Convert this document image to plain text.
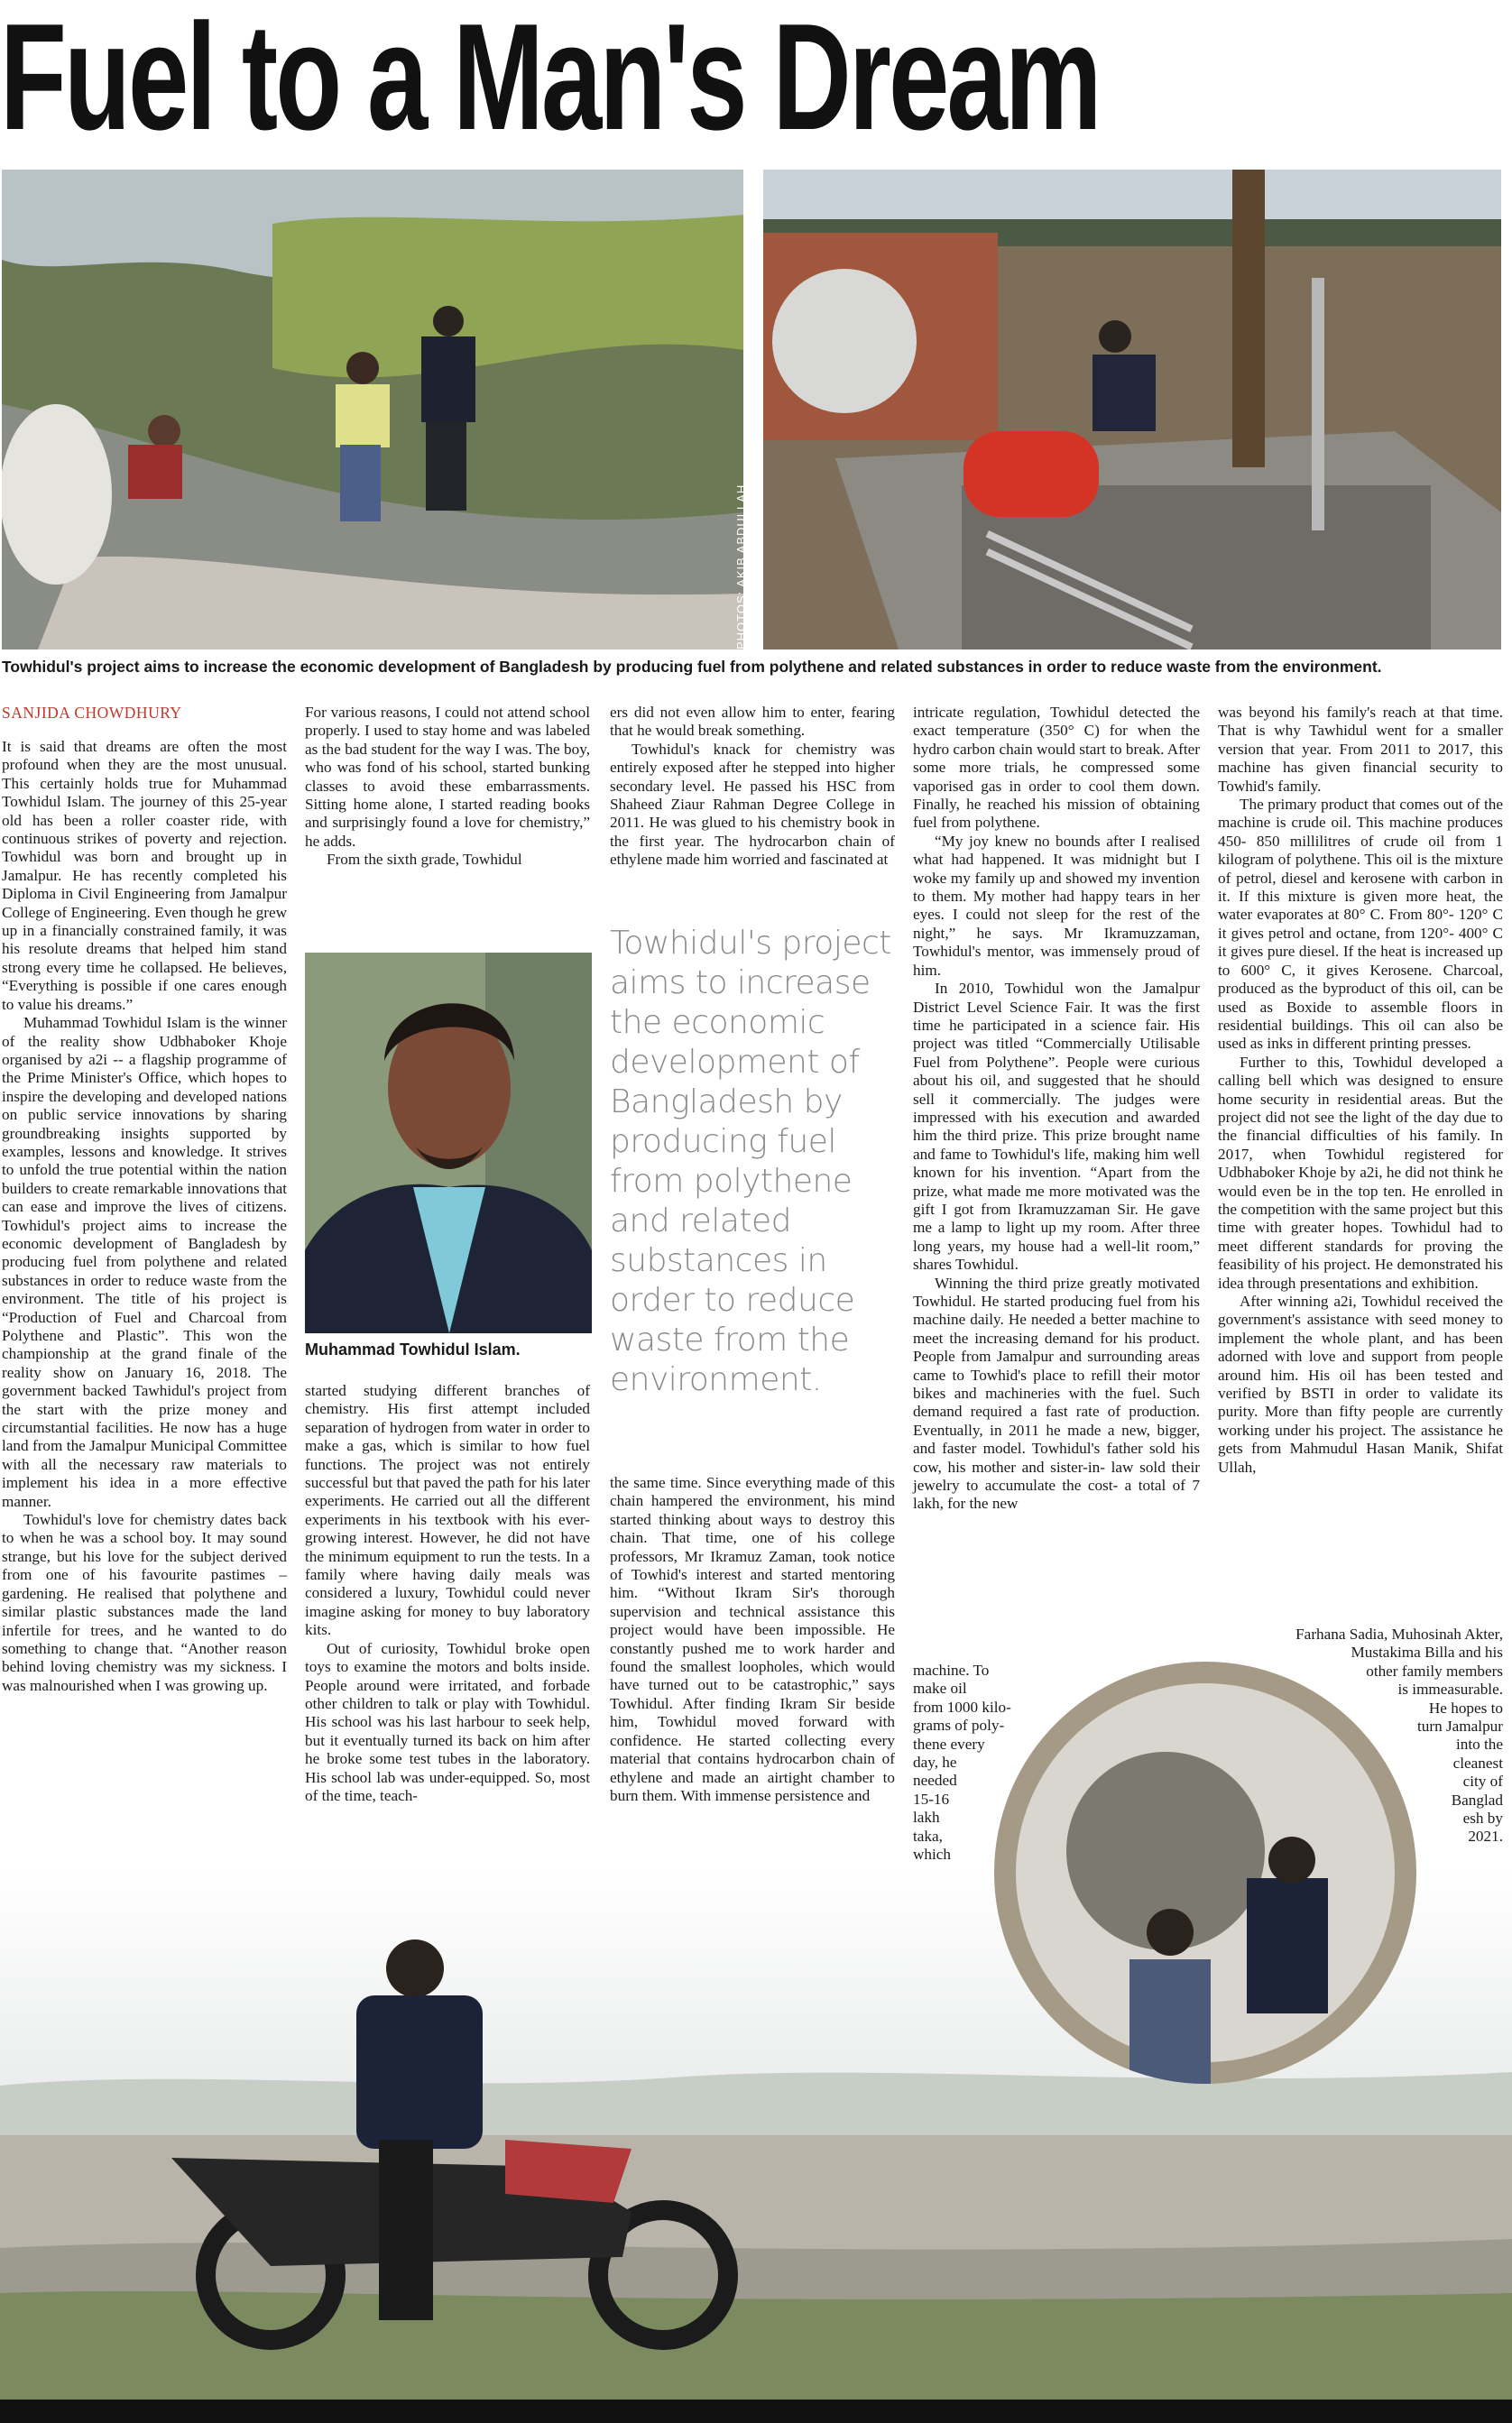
Fuel to a Man's Dream
PHOTOS: AKIB ABDULLAH
Towhidul's project aims to increase the economic development of Bangladesh by producing fuel from polythene and related substances in order to reduce waste from the environment.
SANJIDA CHOWDHURY

It is said that dreams are often the most profound when they are the most unusual. This certainly holds true for Muhammad Towhidul Islam. The journey of this 25-year old has been a roller coaster ride, with continuous strikes of poverty and rejection. Towhidul was born and brought up in Jamalpur. He has recently completed his Diploma in Civil Engineering from Jamalpur College of Engineering. Even though he grew up in a financially constrained family, it was his resolute dreams that helped him stand strong every time he collapsed. He believes, “Everything is possible if one cares enough to value his dreams.”

Muhammad Towhidul Islam is the winner of the reality show Udbhaboker Khoje organised by a2i -- a flagship programme of the Prime Minister's Office, which hopes to inspire the developing and developed nations on public service innovations by sharing groundbreaking insights supported by examples, lessons and knowledge. It strives to unfold the true potential within the nation builders to create remarkable innovations that can ease and improve the lives of citizens. Towhidul's project aims to increase the economic development of Bangladesh by producing fuel from polythene and related substances in order to reduce waste from the environment. The title of his project is “Production of Fuel and Charcoal from Polythene and Plastic”. This won the championship at the grand finale of the reality show on January 16, 2018. The government backed Tawhidul's project from the start with the prize money and circumstantial facilities. He now has a huge land from the Jamalpur Municipal Committee with all the necessary raw materials to implement his idea in a more effective manner.

Towhidul's love for chemistry dates back to when he was a school boy. It may sound strange, but his love for the subject derived from one of his favourite pastimes – gardening. He realised that polythene and similar plastic substances made the land infertile for trees, and he wanted to do something to change that. “Another reason behind loving chemistry was my sickness. I was malnourished when I was growing up.

For various reasons, I could not attend school properly. I used to stay home and was labeled as the bad student for the way I was. The boy, who was fond of his school, started bunking classes to avoid these embarrassments. Sitting home alone, I started reading books and surprisingly found a love for chemistry,” he adds.

From the sixth grade, Towhidul

Muhammad Towhidul Islam.

started studying different branches of chemistry. His first attempt included separation of hydrogen from water in order to make a gas, which is similar to how fuel functions. The project was not entirely successful but that paved the path for his later experiments. He carried out all the different experiments in his textbook with his ever-growing interest. However, he did not have the minimum equipment to run the tests. In a family where having daily meals was considered a luxury, Towhidul could never imagine asking for money to buy laboratory kits.

Out of curiosity, Towhidul broke open toys to examine the motors and bolts inside. People around were irritated, and forbade other children to talk or play with Towhidul. His school was his last harbour to seek help, but it eventually turned its back on him after he broke some test tubes in the laboratory. His school lab was under-equipped. So, most of the time, teach-

ers did not even allow him to enter, fearing that he would break something.

Towhidul's knack for chemistry was entirely exposed after he stepped into higher secondary level. He passed his HSC from Shaheed Ziaur Rahman Degree College in 2011. He was glued to his chemistry book in the first year. The hydrocarbon chain of ethylene made him worried and fascinated at

Towhidul's project aims to increase the economic development of Bangladesh by producing fuel from polythene and related substances in order to reduce waste from the environment.

the same time. Since everything made of this chain hampered the environment, his mind started thinking about ways to destroy this chain. That time, one of his college professors, Mr Ikramuz Zaman, took notice of Towhid's interest and started mentoring him. “Without Ikram Sir's thorough supervision and technical assistance this project would have been impossible. He constantly pushed me to work harder and found the smallest loopholes, which would have turned out to be catastrophic,” says Towhidul. After finding Ikram Sir beside him, Towhidul moved forward with confidence. He started collecting every material that contains hydrocarbon chain of ethylene and made an airtight chamber to burn them. With immense persistence and

intricate regulation, Towhidul detected the exact temperature (350° C) for when the hydro carbon chain would start to break. After some more trials, he compressed some vaporised gas in order to cool them down. Finally, he reached his mission of obtaining fuel from polythene.

“My joy knew no bounds after I realised what had happened. It was midnight but I woke my family up and showed my invention to them. My mother had happy tears in her eyes. I could not sleep for the rest of the night,” he says. Mr Ikramuzzaman, Towhidul's mentor, was immensely proud of him.

In 2010, Towhidul won the Jamalpur District Level Science Fair. It was the first time he participated in a science fair. His project was titled “Commercially Utilisable Fuel from Polythene”. People were curious about his oil, and suggested that he should sell it commercially. The judges were impressed with his execution and awarded him the third prize. This prize brought name and fame to Towhidul's life, making him well known for his invention. “Apart from the prize, what made me more motivated was the gift I got from Ikramuzzaman Sir. He gave me a lamp to light up my room. After three long years, my house had a well-lit room,” shares Towhidul.

Winning the third prize greatly motivated Towhidul. He started producing fuel from his machine daily. He needed a better machine to meet the increasing demand for his product. People from Jamalpur and surrounding areas came to Towhid's place to refill their motor bikes and machineries with the fuel. Such demand required a fast rate of production. Eventually, in 2011 he made a new, bigger, and faster model. Towhidul's father sold his cow, his mother and sister-in- law sold their jewelry to accumulate the cost- a total of 7 lakh, for the new

machine. To make oil
from 1000 kilo-
grams of poly-
thene every
day, he
needed
15-16
lakh
taka,
which

was beyond his family's reach at that time. That is why Tawhidul went for a smaller version that year. From 2011 to 2017, this machine has given financial security to Towhid's family.

The primary product that comes out of the machine is crude oil. This machine produces 450- 850 millilitres of crude oil from 1 kilogram of polythene. This oil is the mixture of petrol, diesel and kerosene with carbon in it. If this mixture is given more heat, the water evaporates at 80° C. From 80°- 120° C it gives petrol and octane, from 120°- 400° C it gives pure diesel. If the heat is increased up to 600° C, it gives Kerosene. Charcoal, produced as the byproduct of this oil, can be used as Boxide to assemble floors in residential buildings. This oil can also be used as inks in different printing presses.

Further to this, Towhidul developed a calling bell which was designed to ensure home security in residential areas. But the project did not see the light of the day due to the financial difficulties of his family. In 2017, when Towhidul registered for Udbhaboker Khoje by a2i, he did not think he would even be in the top ten. He enrolled in the competition with the same project but this time with greater hopes. Towhidul had to meet different standards for proving the feasibility of his project. He demonstrated his idea through presentations and exhibition.

After winning a2i, Towhidul received the government's assistance with seed money to implement the whole plant, and has been adorned with love and support from people around him. His oil has been tested and verified by BSTI in order to validate its purity. More than fifty people are currently working under his project. The assistance he gets from Mahmudul Hasan Manik, Shifat Ullah,

Farhana Sadia, Muhosinah Akter,
Mustakima Billa and his
other family members
is immeasurable.
He hopes to
turn Jamalpur
into the
cleanest
city of
Banglad
esh by
2021.
